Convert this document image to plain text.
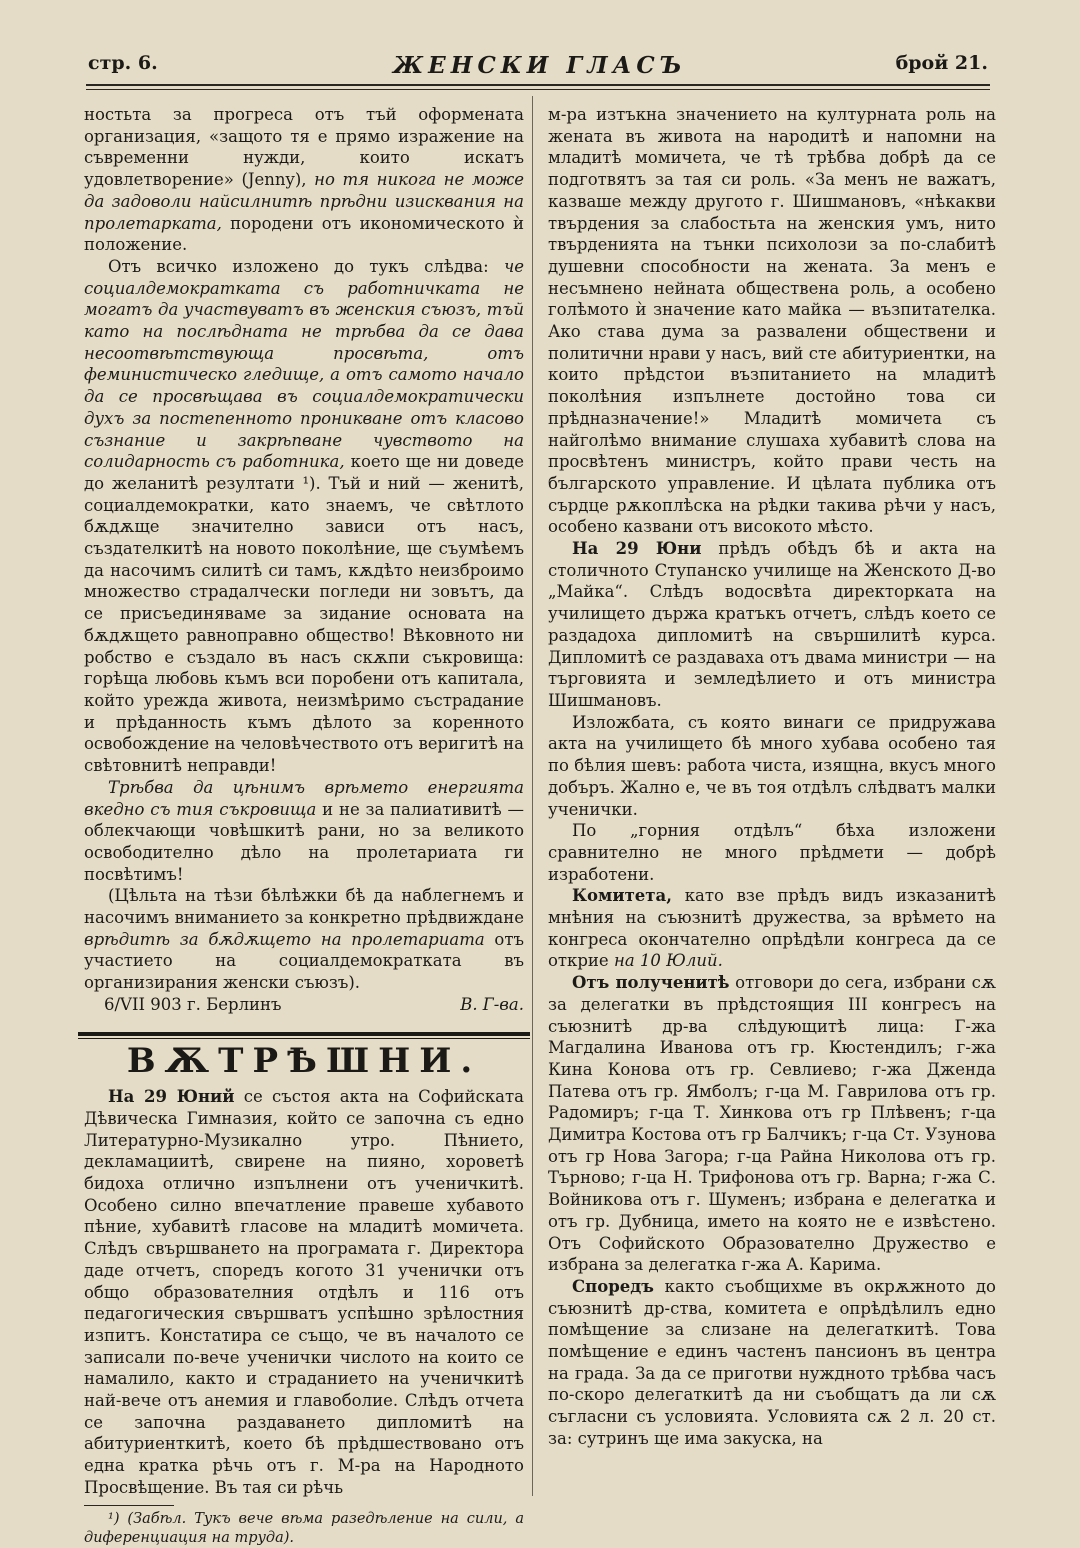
стр. 6.	ЖЕНСКИ ГЛАСЪ	брой 21.

ностьта за прогреса отъ тъй оформената организация, «защото тя е прямо изражение на съвременни нужди, които искатъ удовлетворение» (Jenny), но тя никога не може да задоволи найсилнитѣ прѣдни изисквания на пролетарката, породени отъ икономическото ѝ положение.

Отъ всичко изложено до тукъ слѣдва: че социалдемократката съ работничката не могатъ да участвуватъ въ женския съюзъ, тъй като на послѣдната не трѣбва да се дава несоотвѣтствующа просвѣта, отъ феминистическо гледище, а отъ самото начало да се просвѣщава въ социалдемократически духъ за постепенното проникване отъ класово съзнание и закрѣпване чувството на солидарность съ работника, което ще ни доведе до желанитѣ резултати ¹). Тъй и ний — женитѣ, социалдемократки, като знаемъ, че свѣтлото бѫдѫще значително зависи отъ насъ, създателкитѣ на новото поколѣние, ще съумѣемъ да насочимъ силитѣ си тамъ, кѫдѣто неизброимо множество страдалчески погледи ни зовътъ, да се присъединяваме за зидание основата на бѫдѫщето равноправно общество! Вѣковното ни робство е създало въ насъ скѫпи съкровища: горѣща любовь къмъ вси поробени отъ капитала, който урежда живота, неизмѣримо състрадание и прѣданность къмъ дѣлото за коренното освобождение на человѣчеството отъ веригитѣ на свѣтовнитѣ неправди!

Трѣбва да цѣнимъ врѣмето енергията вкедно съ тия съкровища и не за палиативитѣ — облекчающи човѣшкитѣ рани, но за великото освободително дѣло на пролетариата ги посвѣтимъ!

(Цѣльта на тѣзи бѣлѣжки бѣ да наблегнемъ и насочимъ вниманието за конкретно прѣдвиждане врѣдитѣ за бѫдѫщето на пролетариата отъ участието на социалдемократката въ организирания женски съюзъ).

6/VII 903 г. Берлинъ	В. Г-ва.
ВѪТРѢШНИ.

На 29 Юний се състоя акта на Софийската Дѣвическа Гимназия, който се започна съ едно Литературно-Музикално утро. Пѣнието, декламациитѣ, свирене на пияно, хороветѣ бидоха отлично изпълнени отъ ученичкитѣ. Особено силно впечатление правеше хубавото пѣние, хубавитѣ гласове на младитѣ момичета. Слѣдъ свършването на програмата г. Директора даде отчетъ, споредъ когото 31 ученички отъ общо образователния отдѣлъ и 116 отъ педагогическия свършватъ успѣшно зрѣлостния изпитъ. Констатира се също, че въ началото се записали по-вече ученички числото на които се намалило, както и страданието на ученичкитѣ най-вече отъ анемия и главоболие. Слѣдъ отчета се започна раздаването дипломитѣ на абитуриенткитѣ, което бѣ прѣдшествовано отъ една кратка рѣчь отъ г. М-ра на Народното Просвѣщение. Въ тая си рѣчь

¹) (Забѣл. Тукъ вече вѣма разедѣление на сили, а диференциация на труда).

м-ра изтъкна значението на културната роль на жената въ живота на народитѣ и напомни на младитѣ момичета, че тѣ трѣбва добрѣ да се подготвятъ за тая си роль. «За менъ не важатъ, казваше между другото г. Шишмановъ, «нѣкакви твърдения за слабостьта на женския умъ, нито твърденията на тънки психолози за по-слабитѣ душевни способности на жената. За менъ е несъмнено нейната обществена роль, а особено голѣмото ѝ значение като майка — възпитателка. Ако става дума за развалени обществени и политични нрави у насъ, вий сте абитуриентки, на които прѣдстои възпитанието на младитѣ поколѣния изпълнете достойно това си прѣдназначение!» Младитѣ момичета съ найголѣмо внимание слушаха хубавитѣ слова на просвѣтенъ министръ, който прави честь на българското управление. И цѣлата публика отъ сърдце рѫкоплѣска на рѣдки такива рѣчи у насъ, особено казвани отъ високото мѣсто.

На 29 Юни прѣдъ обѣдъ бѣ и акта на столичното Ступанско училище на Женското Д-во „Майка“. Слѣдъ водосвѣта директорката на училището държа кратъкъ отчетъ, слѣдъ което се раздадоха дипломитѣ на свършилитѣ курса. Дипломитѣ се раздаваха отъ двама министри — на търговията и земледѣлието и отъ министра Шишмановъ.

Изложбата, съ която винаги се придружава акта на училището бѣ много хубава особено тая по бѣлия шевъ: работа чиста, изящна, вкусъ много добъръ. Жално е, че въ тоя отдѣлъ слѣдватъ малки ученички.

По „горния отдѣлъ“ бѣха изложени сравнително не много прѣдмети — добрѣ изработени.

Комитета, като взе прѣдъ видъ изказанитѣ мнѣния на съюзнитѣ дружества, за врѣмето на конгреса окончателно опрѣдѣли конгреса да се открие на 10 Юлий.

Отъ полученитѣ отговори до сега, избрани сѫ за делегатки въ прѣдстоящия III конгресъ на съюзнитѣ др-ва слѣдующитѣ лица: Г-жа Магдалина Иванова отъ гр. Кюстендилъ; г-жа Кина Конова отъ гр. Севлиево; г-жа Дженда Патева отъ гр. Ямболъ; г-ца М. Гаврилова отъ гр. Радомиръ; г-ца Т. Хинкова отъ гр Плѣвенъ; г-ца Димитра Костова отъ гр Балчикъ; г-ца Ст. Узунова отъ гр Нова Загора; г-ца Райна Николова отъ гр. Търново; г-ца Н. Трифонова отъ гр. Варна; г-жа С. Войникова отъ г. Шуменъ; избрана е делегатка и отъ гр. Дубница, името на която не е извѣстено. Отъ Софийското Образователно Дружество е избрана за делегатка г-жа А. Карима.

Споредъ както съобщихме въ окрѫжното до съюзнитѣ др-ства, комитета е опрѣдѣлилъ едно помѣщение за слизане на делегаткитѣ. Това помѣщение е единъ частенъ пансионъ въ центра на града. За да се приготви нуждното трѣбва часъ по-скоро делегаткитѣ да ни съобщатъ да ли сѫ съгласни съ условията. Условията сѫ 2 л. 20 ст. за: сутринъ ще има закуска, на
